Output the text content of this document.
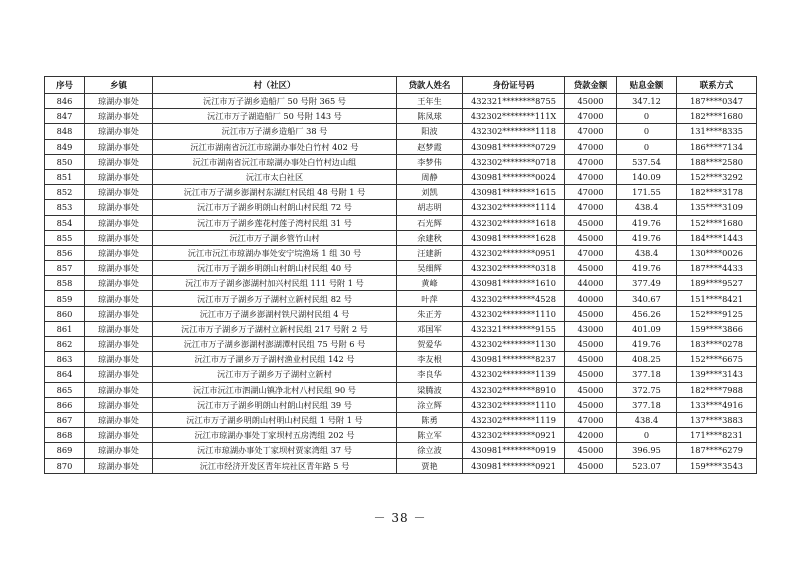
序号	乡镇	村（社区）	贷款人姓名	身份证号码	贷款金额	贴息金额	联系方式
846	琼湖办事处	沅江市万子湖乡造船厂 50 号附 365 号	王年生	432321********8755	45000	347.12	187****0347
847	琼湖办事处	沅江市万子湖造船厂 50 号附 143 号	陈凤球	432302********111X	47000	0	182****1680
848	琼湖办事处	沅江市万子湖乡造船厂 38 号	阳波	432302********1118	47000	0	131****8335
849	琼湖办事处	沅江市湖南省沅江市琼湖办事处白竹村 402 号	赵梦霞	430981********0729	47000	0	186****7134
850	琼湖办事处	沅江市湖南省沅江市琼湖办事处白竹村边山组	李梦伟	432302********0718	47000	537.54	188****2580
851	琼湖办事处	沅江市太白社区	周静	430981********0024	47000	140.09	152****3292
852	琼湖办事处	沅江市万子湖乡澎湖村东湖红村民组 48 号附 1 号	刘凯	430981********1615	47000	171.55	182****3178
853	琼湖办事处	沅江市万子湖乡明朗山村朗山村民组 72 号	胡志明	432302********1114	47000	438.4	135****3109
854	琼湖办事处	沅江市万子湖乡莲花村莲子湾村民组 31 号	石光辉	432302********1618	45000	419.76	152****1680
855	琼湖办事处	沅江市万子湖乡管竹山村	余建秋	430981********1628	45000	419.76	184****1443
856	琼湖办事处	沅江市沅江市琼湖办事处安宁垸渔场 1 组 30 号	汪建新	432302********0951	47000	438.4	130****0026
857	琼湖办事处	沅江市万子湖乡明朗山村朗山村民组 40 号	吴细辉	432302********0318	45000	419.76	187****4433
858	琼湖办事处	沅江市万子湖乡澎湖村加兴村民组 111 号附 1 号	黄峰	430981********1610	44000	377.49	189****9527
859	琼湖办事处	沅江市万子湖乡万子湖村立新村民组 82 号	叶萍	432302********4528	40000	340.67	151****8421
860	琼湖办事处	沅江市万子湖乡澎湖村铁尺湖村民组 4 号	朱正芳	432302********1110	45000	456.26	152****9125
861	琼湖办事处	沅江市万子湖乡万子湖村立新村民组 217 号附 2 号	邓国军	432321********9155	43000	401.09	159****3866
862	琼湖办事处	沅江市万子湖乡澎湖村澎湖潭村民组 75 号附 6 号	贺爱华	432302********1130	45000	419.76	183****0278
863	琼湖办事处	沅江市万子湖乡万子湖村渔业村民组 142 号	李友根	430981********8237	45000	408.25	152****6675
864	琼湖办事处	沅江市万子湖乡万子湖村立新村	李良华	432302********1139	45000	377.18	139****3143
865	琼湖办事处	沅江市沅江市泗湖山镇净北村八村民组 90 号	梁腾波	432302********8910	45000	372.75	182****7988
866	琼湖办事处	沅江市万子湖乡明朗山村朗山村民组 39 号	涂立辉	432302********1110	45000	377.18	133****4916
867	琼湖办事处	沅江市万子湖乡明朗山村明山村民组 1 号附 1 号	陈勇	432302********1119	47000	438.4	137****3883
868	琼湖办事处	沅江市琼湖办事处丁家坝村五房湾组 202 号	陈立军	432302********0921	42000	0	171****8231
869	琼湖办事处	沅江市琼湖办事处丁家坝村贾家湾组 37 号	徐立波	430981********0919	45000	396.95	187****6279
870	琼湖办事处	沅江市经济开发区青年垸社区青年路 5 号	贾艳	430981********0921	45000	523.07	159****3543
－ 38 －
